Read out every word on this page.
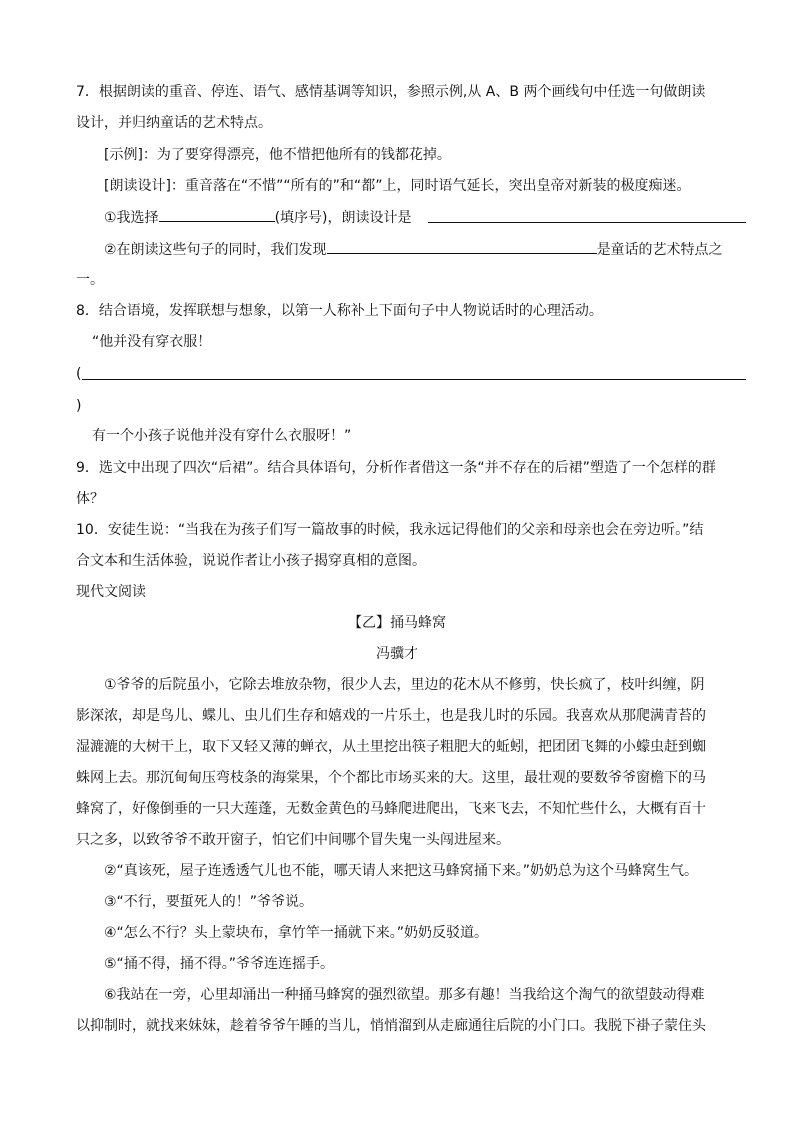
7．根据朗读的重音、停连、语气、感情基调等知识，参照示例,从 A、B 两个画线句中任选一句做朗读
设计，并归纳童话的艺术特点。
[示例]：为了要穿得漂亮，他不惜把他所有的钱都花掉。
[朗读设计]：重音落在“不惜”“所有的”和“都”上，同时语气延长，突出皇帝对新装的极度痴迷。
①我选择	(填序号)，朗读设计是
②在朗读这些句子的同时，我们发现	是童话的艺术特点之
一。
8．结合语境，发挥联想与想象，以第一人称补上下面句子中人物说话时的心理活动。
“他并没有穿衣服！
(
)
有一个小孩子说他并没有穿什么衣服呀！”
9．选文中出现了四次“后裙”。结合具体语句，分析作者借这一条“并不存在的后裙”塑造了一个怎样的群
体？
10．安徒生说：“当我在为孩子们写一篇故事的时候，我永远记得他们的父亲和母亲也会在旁边听。”结
合文本和生活体验，说说作者让小孩子揭穿真相的意图。
现代文阅读
【乙】捅马蜂窝
冯骥才
①爷爷的后院虽小，它除去堆放杂物，很少人去，里边的花木从不修剪，快长疯了，枝叶纠缠，阴
影深浓，却是鸟儿、蝶儿、虫儿们生存和嬉戏的一片乐土，也是我儿时的乐园。我喜欢从那爬满青苔的
湿漉漉的大树干上，取下又轻又薄的蝉衣，从土里挖出筷子粗肥大的蚯蚓，把团团飞舞的小蠓虫赶到蜘
蛛网上去。那沉甸甸压弯枝条的海棠果，个个都比市场买来的大。这里，最壮观的要数爷爷窗檐下的马
蜂窝了，好像倒垂的一只大莲蓬，无数金黄色的马蜂爬进爬出，飞来飞去，不知忙些什么，大概有百十
只之多，以致爷爷不敢开窗子，怕它们中间哪个冒失鬼一头闯进屋来。
②“真该死，屋子连透透气儿也不能，哪天请人来把这马蜂窝捅下来。”奶奶总为这个马蜂窝生气。
③“不行，要蜇死人的！”爷爷说。
④“怎么不行？头上蒙块布，拿竹竿一捅就下来。”奶奶反驳道。
⑤“捅不得，捅不得。”爷爷连连摇手。
⑥我站在一旁，心里却涌出一种捅马蜂窝的强烈欲望。那多有趣！当我给这个淘气的欲望鼓动得难
以抑制时，就找来妹妹，趁着爷爷午睡的当儿，悄悄溜到从走廊通往后院的小门口。我脱下褂子蒙住头
